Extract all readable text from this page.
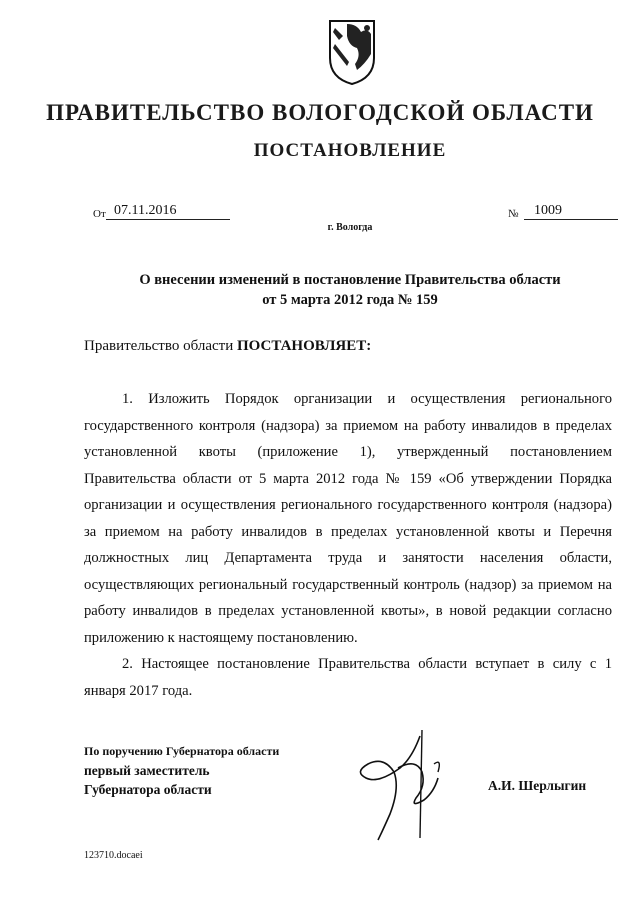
ПРАВИТЕЛЬСТВО ВОЛОГОДСКОЙ ОБЛАСТИ
ПОСТАНОВЛЕНИЕ
От 07.11.2016	№	1009
г. Вологда
О внесении изменений в постановление Правительства области
от 5 марта 2012 года № 159
Правительство области ПОСТАНОВЛЯЕТ:

1. Изложить Порядок организации и осуществления регионального государственного контроля (надзора) за приемом на работу инвалидов в пределах установленной квоты (приложение 1), утвержденный постановлением Правительства области от 5 марта 2012 года № 159 «Об утверждении Порядка организации и осуществления регионального государственного контроля (надзора) за приемом на работу инвалидов в пределах установленной квоты и Перечня должностных лиц Департамента труда и занятости населения области, осуществляющих региональный государственный контроль (надзор) за приемом на работу инвалидов в пределах установленной квоты», в новой редакции согласно приложению к настоящему постановлению.

2. Настоящее постановление Правительства области вступает в силу с 1 января 2017 года.

По поручению Губернатора области
первый заместитель
Губернатора области	А.И. Шерлыгин
123710.docaei
